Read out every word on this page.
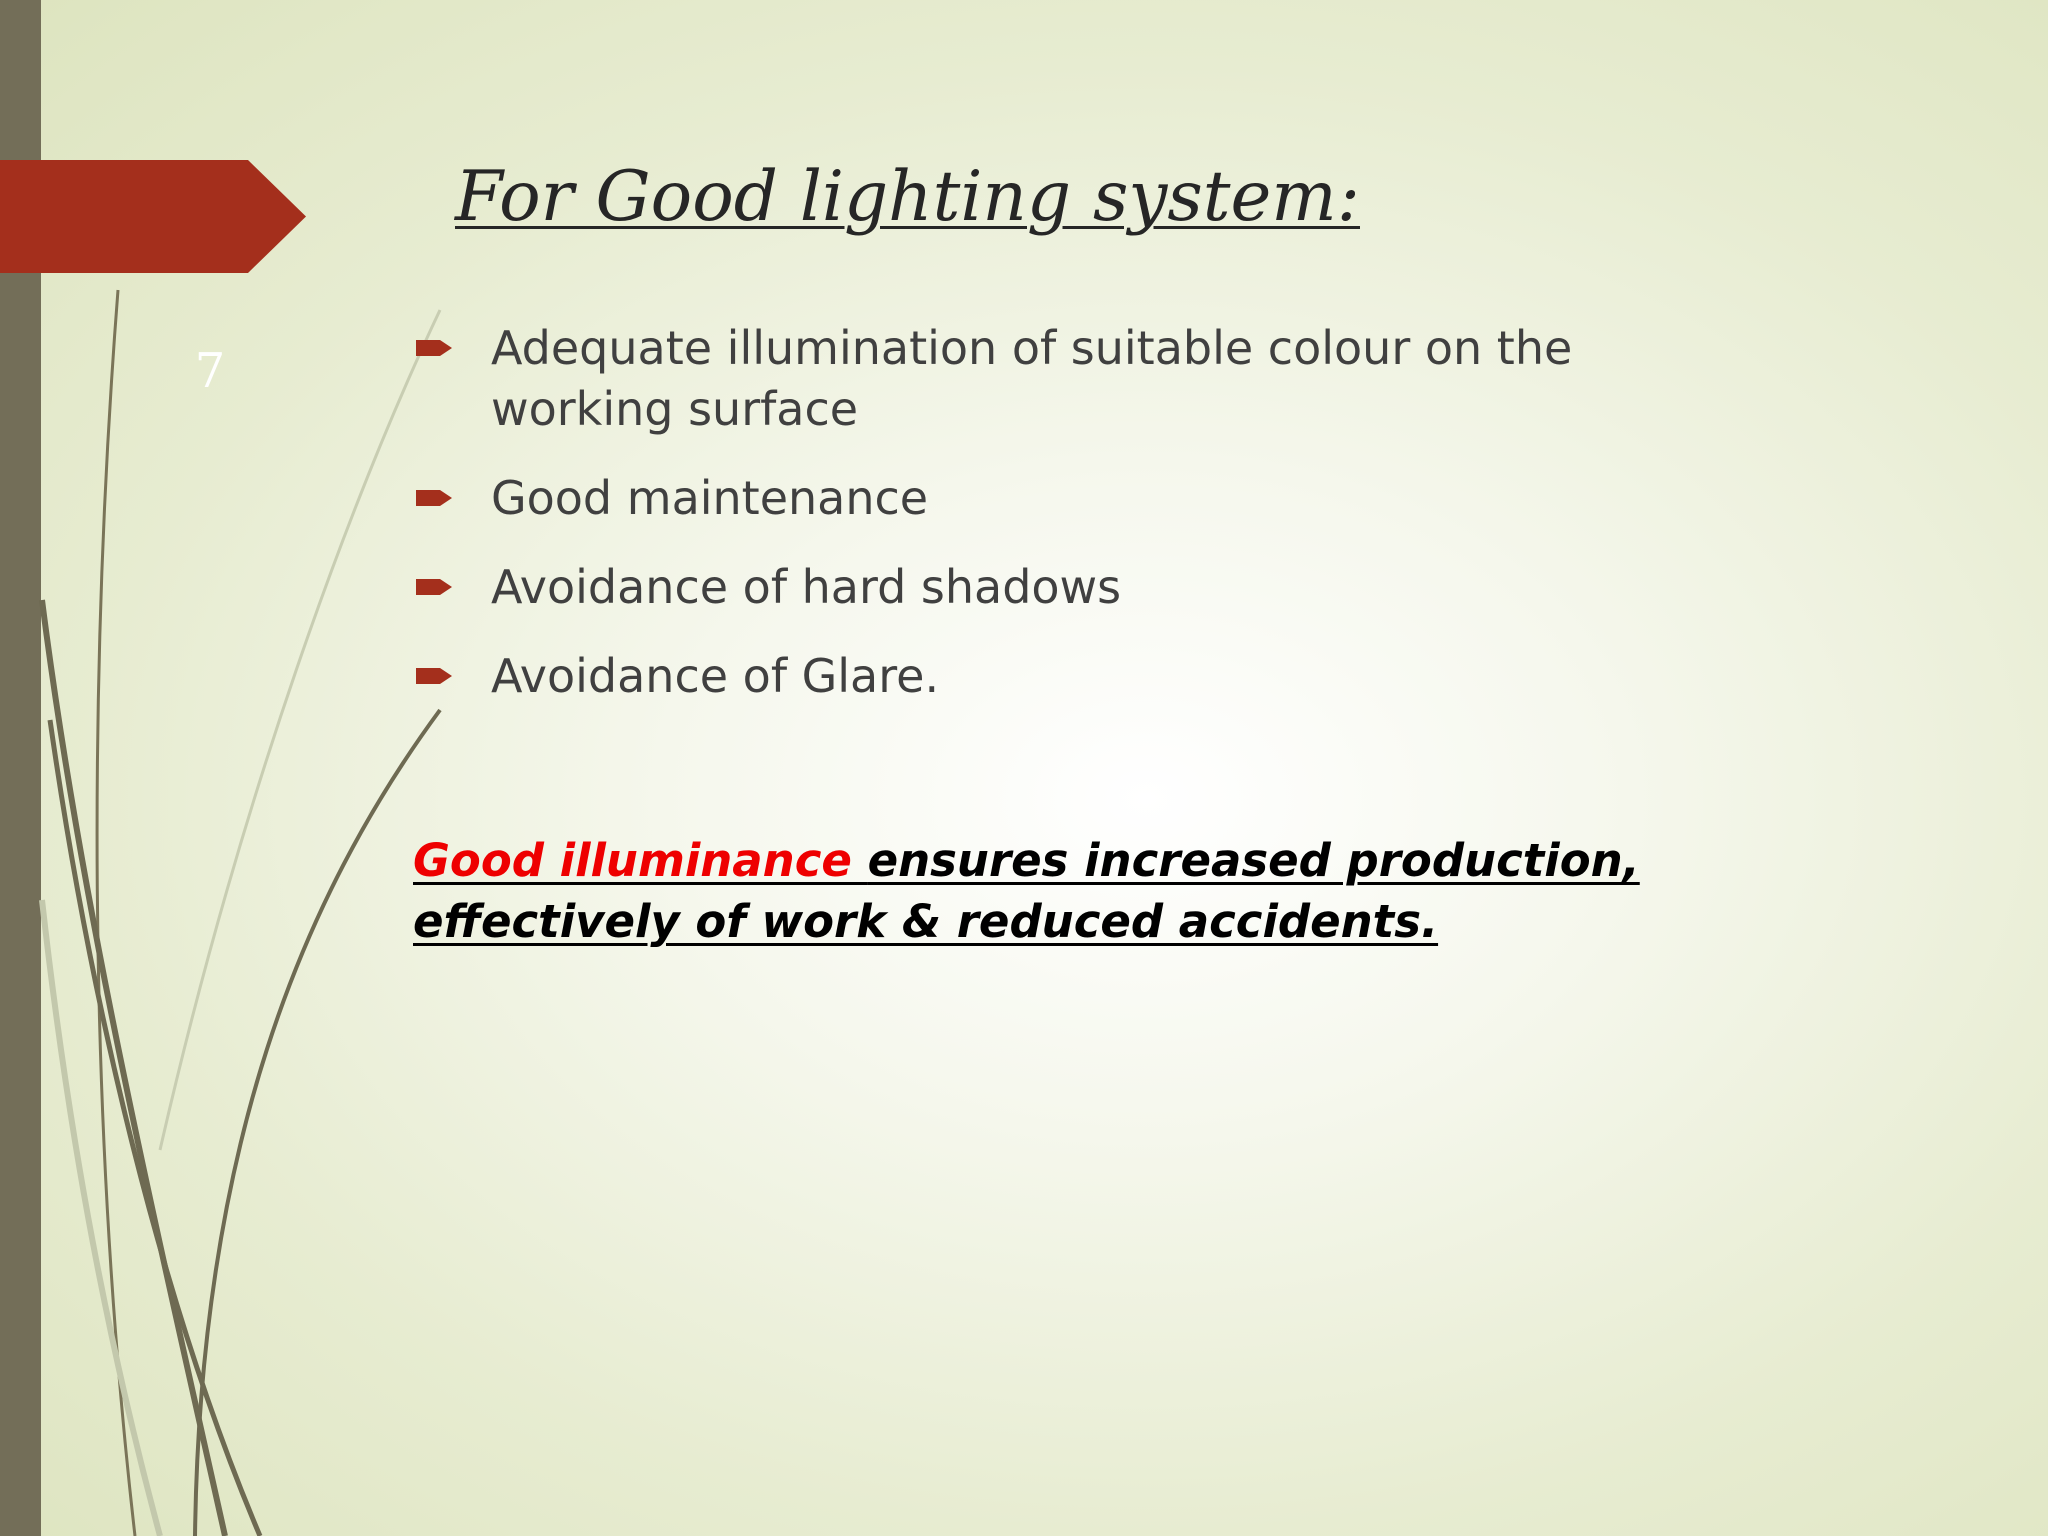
7
For Good lighting system:
Adequate illumination of suitable colour on the working surface
Good maintenance
Avoidance of hard shadows
Avoidance of Glare.

Good illuminance ensures increased production, effectively of work & reduced accidents.
